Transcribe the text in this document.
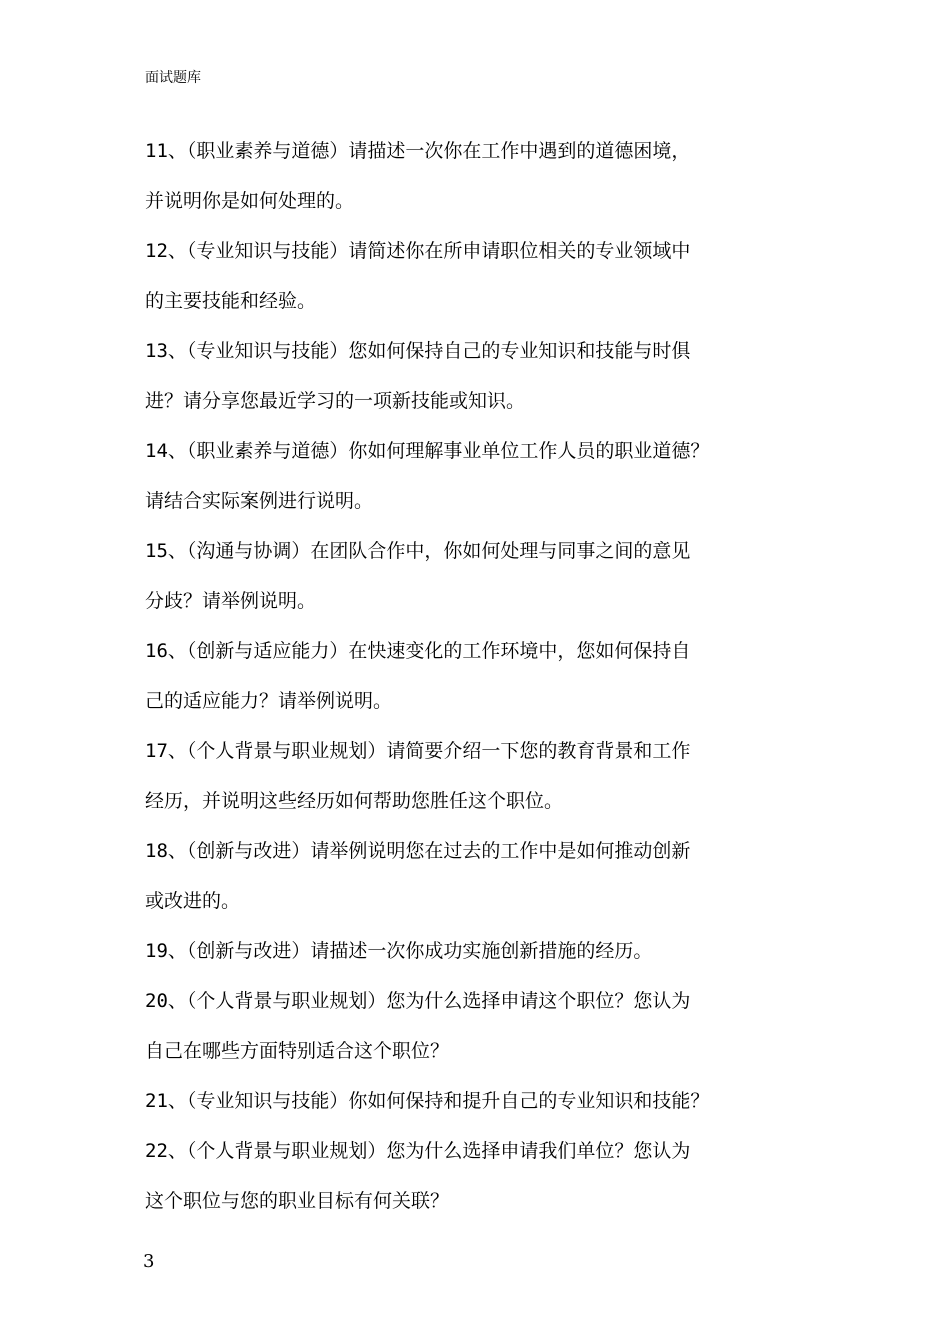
面试题库
11、（职业素养与道德）请描述一次你在工作中遇到的道德困境，
并说明你是如何处理的。
12、（专业知识与技能）请简述你在所申请职位相关的专业领域中
的主要技能和经验。
13、（专业知识与技能）您如何保持自己的专业知识和技能与时俱
进？请分享您最近学习的一项新技能或知识。
14、（职业素养与道德）你如何理解事业单位工作人员的职业道德？
请结合实际案例进行说明。
15、（沟通与协调）在团队合作中，你如何处理与同事之间的意见
分歧？请举例说明。
16、（创新与适应能力）在快速变化的工作环境中，您如何保持自
己的适应能力？请举例说明。
17、（个人背景与职业规划）请简要介绍一下您的教育背景和工作
经历，并说明这些经历如何帮助您胜任这个职位。
18、（创新与改进）请举例说明您在过去的工作中是如何推动创新
或改进的。
19、（创新与改进）请描述一次你成功实施创新措施的经历。
20、（个人背景与职业规划）您为什么选择申请这个职位？您认为
自己在哪些方面特别适合这个职位？
21、（专业知识与技能）你如何保持和提升自己的专业知识和技能？
22、（个人背景与职业规划）您为什么选择申请我们单位？您认为
这个职位与您的职业目标有何关联？
3
